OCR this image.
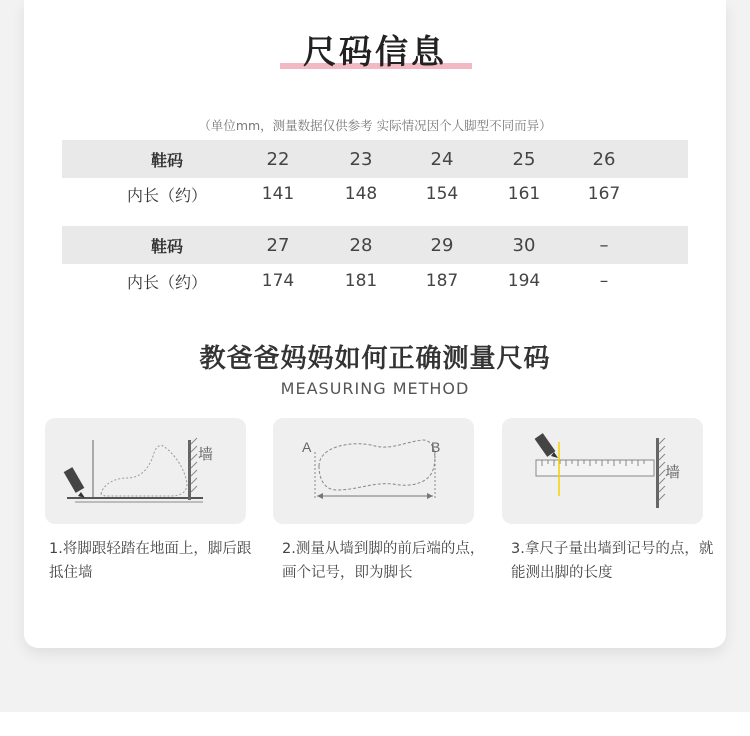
尺码信息
（单位mm，测量数据仅供参考 实际情况因个人脚型不同而异）
鞋码	22	23	24	25	26
内长（约）	141	148	154	161	167
鞋码	27	28	29	30	–
内长（约）	174	181	187	194	–
教爸爸妈妈如何正确测量尺码
MEASURING METHOD
墙
1.将脚跟轻踏在地面上，脚后跟抵住墙
A	B
2.测量从墙到脚的前后端的点，画个记号，即为脚长
墙
3.拿尺子量出墙到记号的点，就能测出脚的长度
